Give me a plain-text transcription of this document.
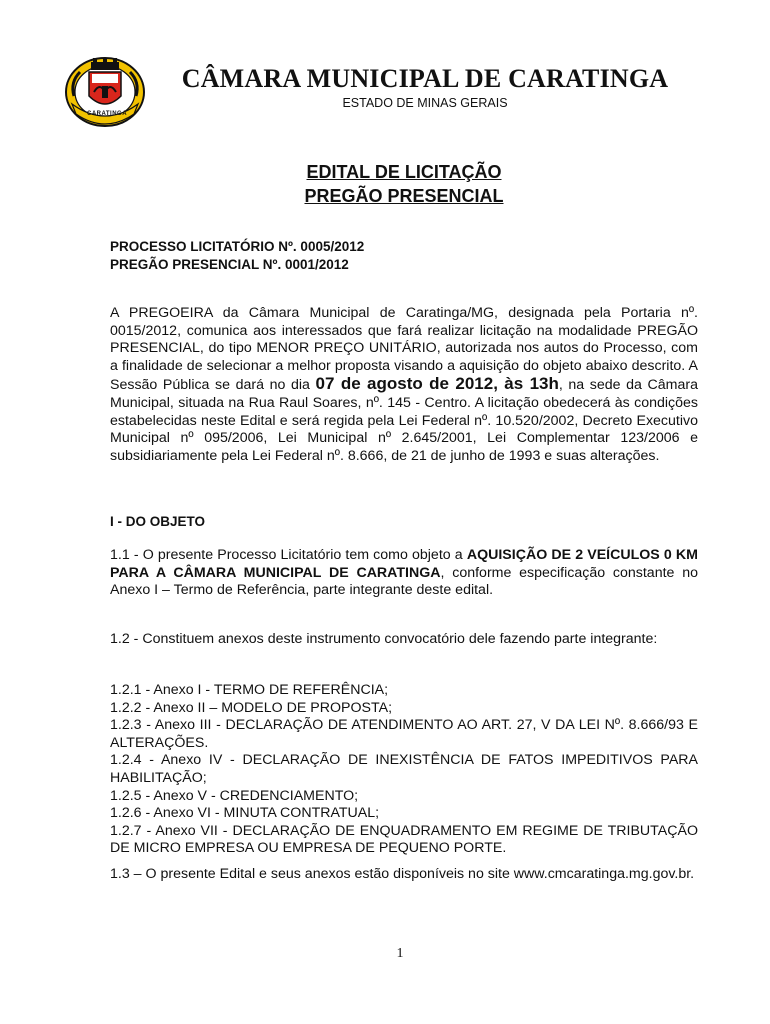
CARATINGA
CÂMARA MUNICIPAL DE CARATINGA
ESTADO DE MINAS GERAIS
EDITAL DE LICITAÇÃO
PREGÃO PRESENCIAL
PROCESSO LICITATÓRIO Nº. 0005/2012
PREGÃO PRESENCIAL Nº. 0001/2012

A PREGOEIRA da Câmara Municipal de Caratinga/MG, designada pela Portaria nº. 0015/2012, comunica aos interessados que fará realizar licitação na modalidade PREGÃO PRESENCIAL, do tipo MENOR PREÇO UNITÁRIO, autorizada nos autos do Processo, com a finalidade de selecionar a melhor proposta visando a aquisição do objeto abaixo descrito. A Sessão Pública se dará no dia 07 de agosto de 2012, às 13h, na sede da Câmara Municipal, situada na Rua Raul Soares, nº. 145 - Centro. A licitação obedecerá às condições estabelecidas neste Edital e será regida pela Lei Federal nº. 10.520/2002, Decreto Executivo Municipal nº 095/2006, Lei Municipal nº 2.645/2001, Lei Complementar 123/2006 e subsidiariamente pela Lei Federal nº. 8.666, de 21 de junho de 1993 e suas alterações.

I - DO OBJETO

1.1 - O presente Processo Licitatório tem como objeto a AQUISIÇÃO DE 2 VEÍCULOS 0 KM PARA A CÂMARA MUNICIPAL DE CARATINGA, conforme especificação constante no Anexo I – Termo de Referência, parte integrante deste edital.

1.2 - Constituem anexos deste instrumento convocatório dele fazendo parte integrante:

1.2.1 - Anexo I - TERMO DE REFERÊNCIA;
1.2.2 - Anexo II – MODELO DE PROPOSTA;
1.2.3 - Anexo III - DECLARAÇÃO DE ATENDIMENTO AO ART. 27, V DA LEI Nº. 8.666/93 E ALTERAÇÕES.
1.2.4 - Anexo IV - DECLARAÇÃO DE INEXISTÊNCIA DE FATOS IMPEDITIVOS PARA HABILITAÇÃO;
1.2.5 - Anexo V - CREDENCIAMENTO;
1.2.6 - Anexo VI - MINUTA CONTRATUAL;
1.2.7 - Anexo VII - DECLARAÇÃO DE ENQUADRAMENTO EM REGIME DE TRIBUTAÇÃO DE MICRO EMPRESA OU EMPRESA DE PEQUENO PORTE.

1.3 – O presente Edital e seus anexos estão disponíveis no site www.cmcaratinga.mg.gov.br.

1
